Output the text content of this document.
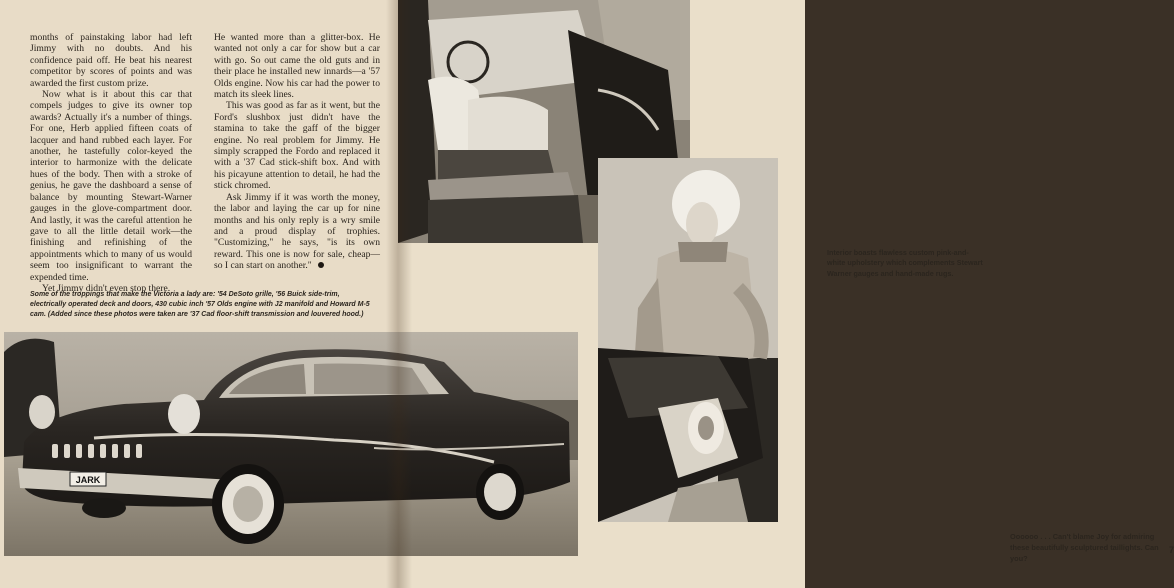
months of painstaking labor had left Jimmy with no doubts. And his confidence paid off. He beat his nearest competitor by scores of points and was awarded the first custom prize.

Now what is it about this car that compels judges to give its owner top awards? Actually it's a number of things. For one, Herb applied fifteen coats of lacquer and hand rubbed each layer. For another, he tastefully color-keyed the interior to harmonize with the delicate hues of the body. Then with a stroke of genius, he gave the dashboard a sense of balance by mounting Stewart-Warner gauges in the glove-compartment door. And lastly, it was the careful attention he gave to all the little detail work—the finishing and refinishing of the appointments which to many of us would seem too insignificant to warrant the expended time.

Yet Jimmy didn't even stop there.

He wanted more than a glitter-box. He wanted not only a car for show but a car with go. So out came the old guts and in their place he installed new innards—a '57 Olds engine. Now his car had the power to match its sleek lines.

This was good as far as it went, but the Ford's slushbox just didn't have the stamina to take the gaff of the bigger engine. No real problem for Jimmy. He simply scrapped the Fordo and replaced it with a '37 Cad stick-shift box. And with his picayune attention to detail, he had the stick chromed.

Ask Jimmy if it was worth the money, the labor and laying the car up for nine months and his only reply is a wry smile and a proud display of trophies. "Customizing," he says, "is its own reward. This one is now for sale, cheap—so I can start on another."

Some of the troppings that make the Victoria a lady are: '54 DeSoto grille, '56 Buick side-trim, electrically operated deck and doors, 430 cubic inch '57 Olds engine with J2 manifold and Howard M-5 cam. (Added since these photos were taken are '37 Cad floor-shift transmission and louvered hood.)
Interior boasts flawless custom pink-and-white upholstery which complements Stewart Warner gauges and hand-made rugs.
Oooooo . . . Can't blame Joy for admiring these beautifully sculptured taillights. Can you?
7
JARK
